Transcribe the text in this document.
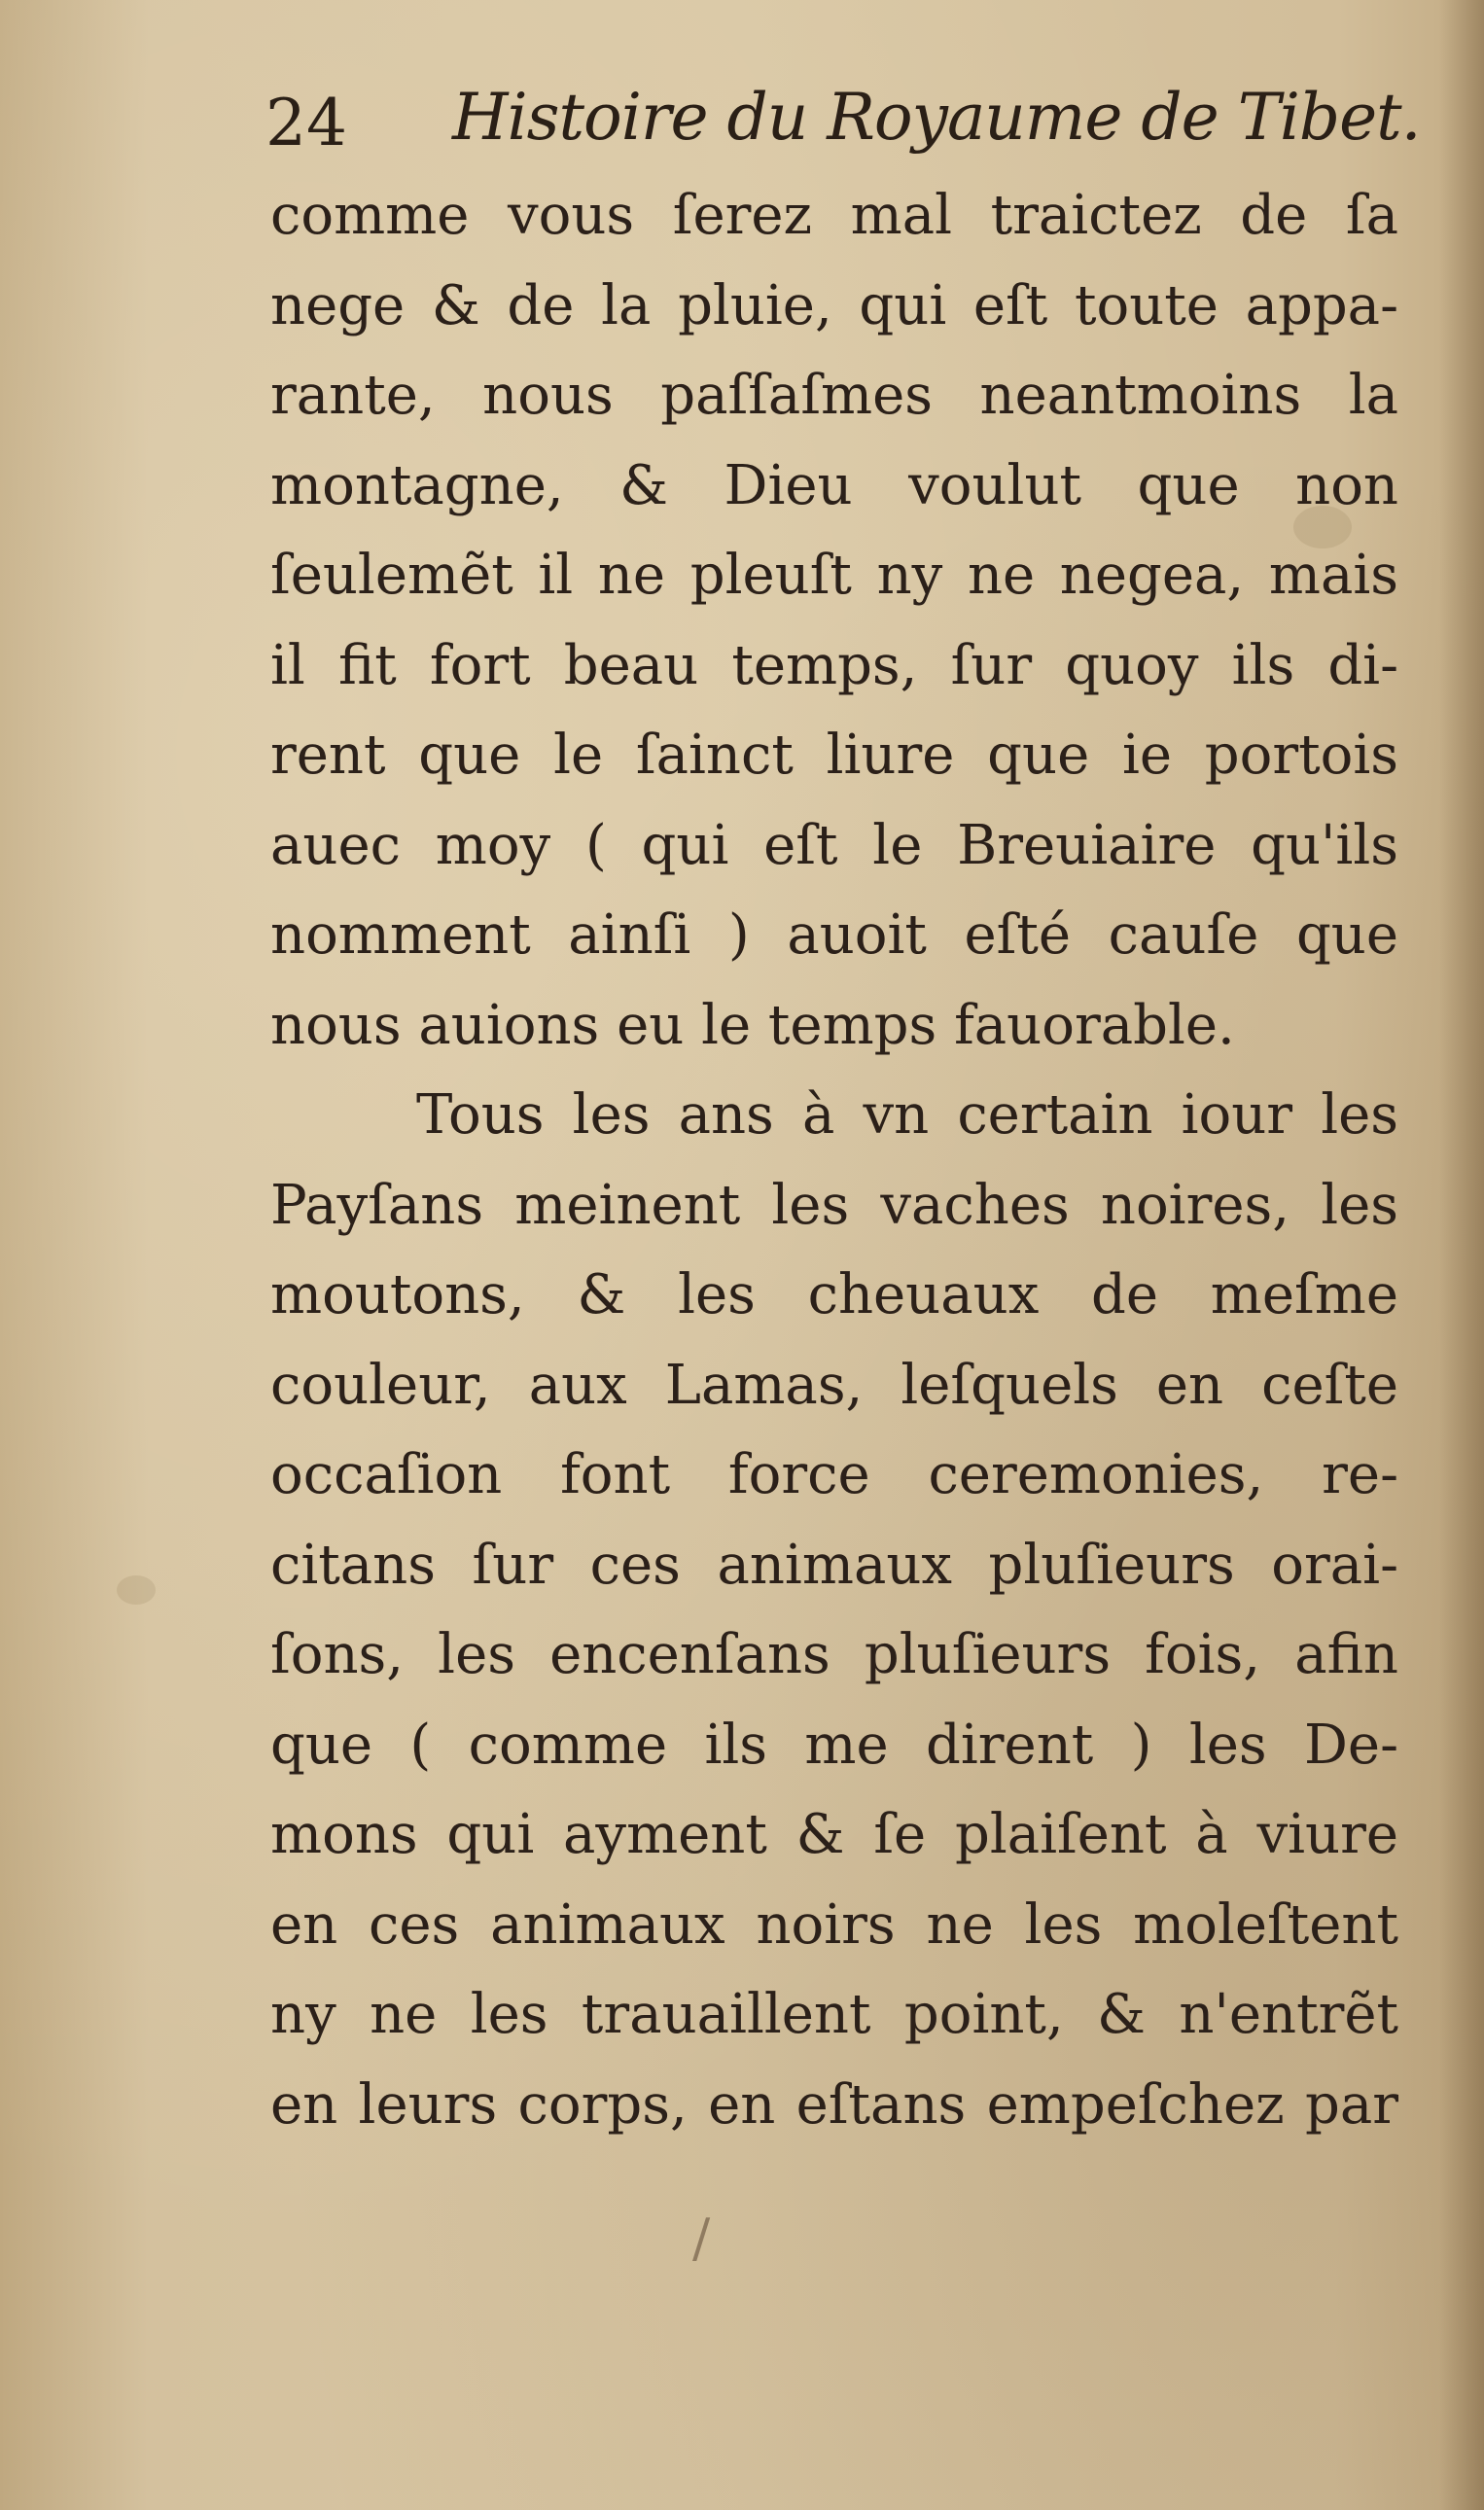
24 Histoire du Royaume de Tibet.
comme vous ſerez mal traictez de ſa
nege & de la pluie, qui eſt toute appa-
rante, nous paſſaſmes neantmoins la
montagne, & Dieu voulut que non
ſeulemẽt il ne pleuſt ny ne negea, mais
il fit fort beau temps, ſur quoy ils di-
rent que le ſainct liure que ie portois
auec moy ( qui eſt le Breuiaire qu'ils
nomment ainſi ) auoit eſté cauſe que
nous auions eu le temps fauorable.
Tous les ans à vn certain iour les
Payſans meinent les vaches noires, les
moutons, & les cheuaux de meſme
couleur, aux Lamas, leſquels en ceſte
occaſion font force ceremonies, re-
citans ſur ces animaux pluſieurs orai-
ſons, les encenſans pluſieurs fois, afin
que ( comme ils me dirent ) les De-
mons qui ayment & ſe plaiſent à viure
en ces animaux noirs ne les moleſtent
ny ne les trauaillent point, & n'entrẽt
en leurs corps, en eſtans empeſchez par
/
